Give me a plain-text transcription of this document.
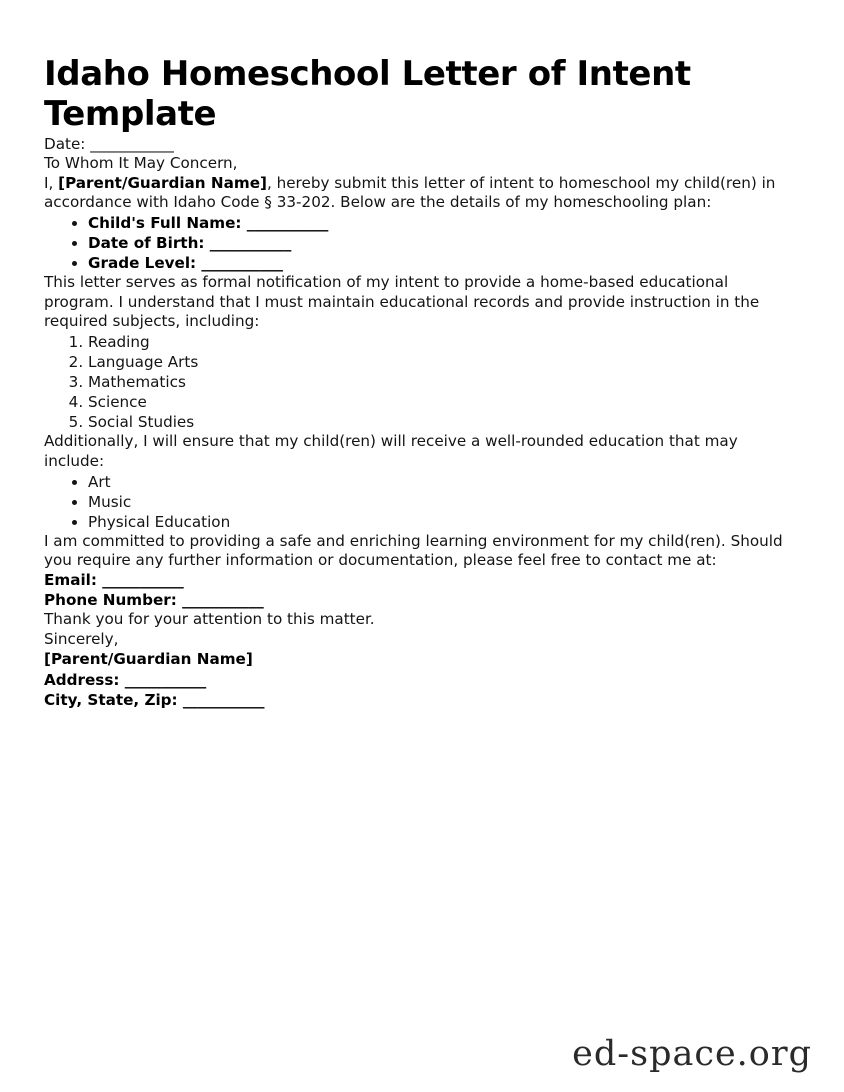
Idaho Homeschool Letter of Intent Template

Date: ___________

To Whom It May Concern,

I, [Parent/Guardian Name], hereby submit this letter of intent to homeschool my child(ren) in accordance with Idaho Code § 33-202. Below are the details of my homeschooling plan:

• Child's Full Name: ___________
• Date of Birth: ___________
• Grade Level: ___________

This letter serves as formal notification of my intent to provide a home-based educational program. I understand that I must maintain educational records and provide instruction in the required subjects, including:

1. Reading
2. Language Arts
3. Mathematics
4. Science
5. Social Studies

Additionally, I will ensure that my child(ren) will receive a well-rounded education that may include:

• Art
• Music
• Physical Education

I am committed to providing a safe and enriching learning environment for my child(ren). Should you require any further information or documentation, please feel free to contact me at:

Email: ___________

Phone Number: ___________

Thank you for your attention to this matter.

Sincerely,

[Parent/Guardian Name]
Address: ___________
City, State, Zip: ___________
ed-space.org
